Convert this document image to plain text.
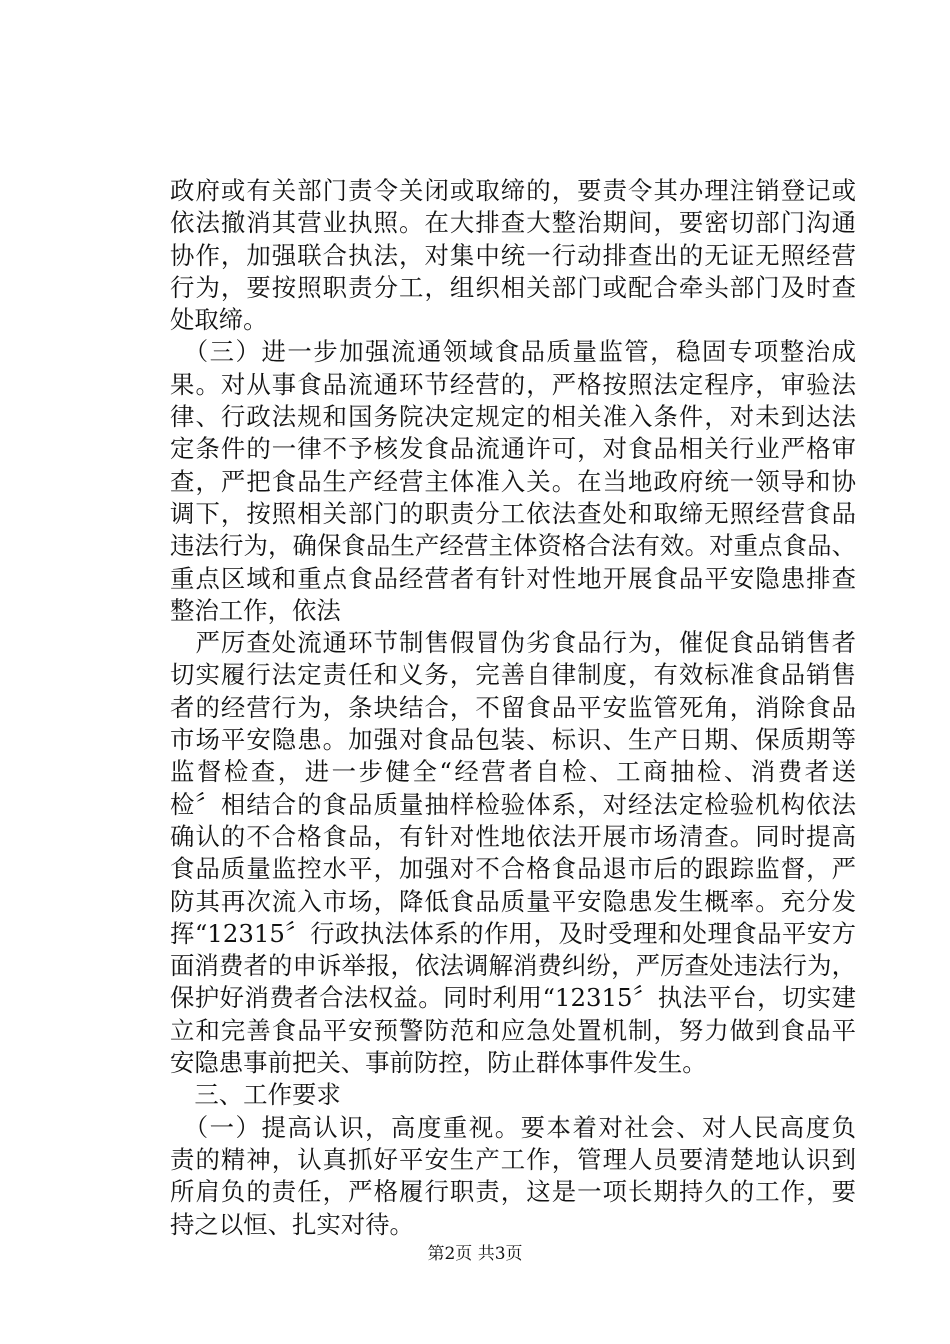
政府或有关部门责令关闭或取缔的，要责令其办理注销登记或
依法撤消其营业执照。在大排查大整治期间，要密切部门沟通
协作，加强联合执法，对集中统一行动排查出的无证无照经营
行为，要按照职责分工，组织相关部门或配合牵头部门及时查
处取缔。
　（三）进一步加强流通领域食品质量监管，稳固专项整治成
果。对从事食品流通环节经营的，严格按照法定程序，审验法
律、行政法规和国务院决定规定的相关准入条件，对未到达法
定条件的一律不予核发食品流通许可，对食品相关行业严格审
查，严把食品生产经营主体准入关。在当地政府统一领导和协
调下，按照相关部门的职责分工依法查处和取缔无照经营食品
违法行为，确保食品生产经营主体资格合法有效。对重点食品、
重点区域和重点食品经营者有针对性地开展食品平安隐患排查
整治工作，依法
　严厉查处流通环节制售假冒伪劣食品行为，催促食品销售者
切实履行法定责任和义务，完善自律制度，有效标准食品销售
者的经营行为，条块结合，不留食品平安监管死角，消除食品
市场平安隐患。加强对食品包装、标识、生产日期、保质期等
监督检查，进一步健全“经营者自检、工商抽检、消费者送
检〞相结合的食品质量抽样检验体系，对经法定检验机构依法
确认的不合格食品，有针对性地依法开展市场清查。同时提高
食品质量监控水平，加强对不合格食品退市后的跟踪监督，严
防其再次流入市场，降低食品质量平安隐患发生概率。充分发
挥“12315〞行政执法体系的作用，及时受理和处理食品平安方
面消费者的申诉举报，依法调解消费纠纷，严厉查处违法行为，
保护好消费者合法权益。同时利用“12315〞执法平台，切实建
立和完善食品平安预警防范和应急处置机制，努力做到食品平
安隐患事前把关、事前防控，防止群体事件发生。
　三、工作要求
　（一）提高认识，高度重视。要本着对社会、对人民高度负
责的精神，认真抓好平安生产工作，管理人员要清楚地认识到
所肩负的责任，严格履行职责，这是一项长期持久的工作，要
持之以恒、扎实对待。
第2页 共3页
